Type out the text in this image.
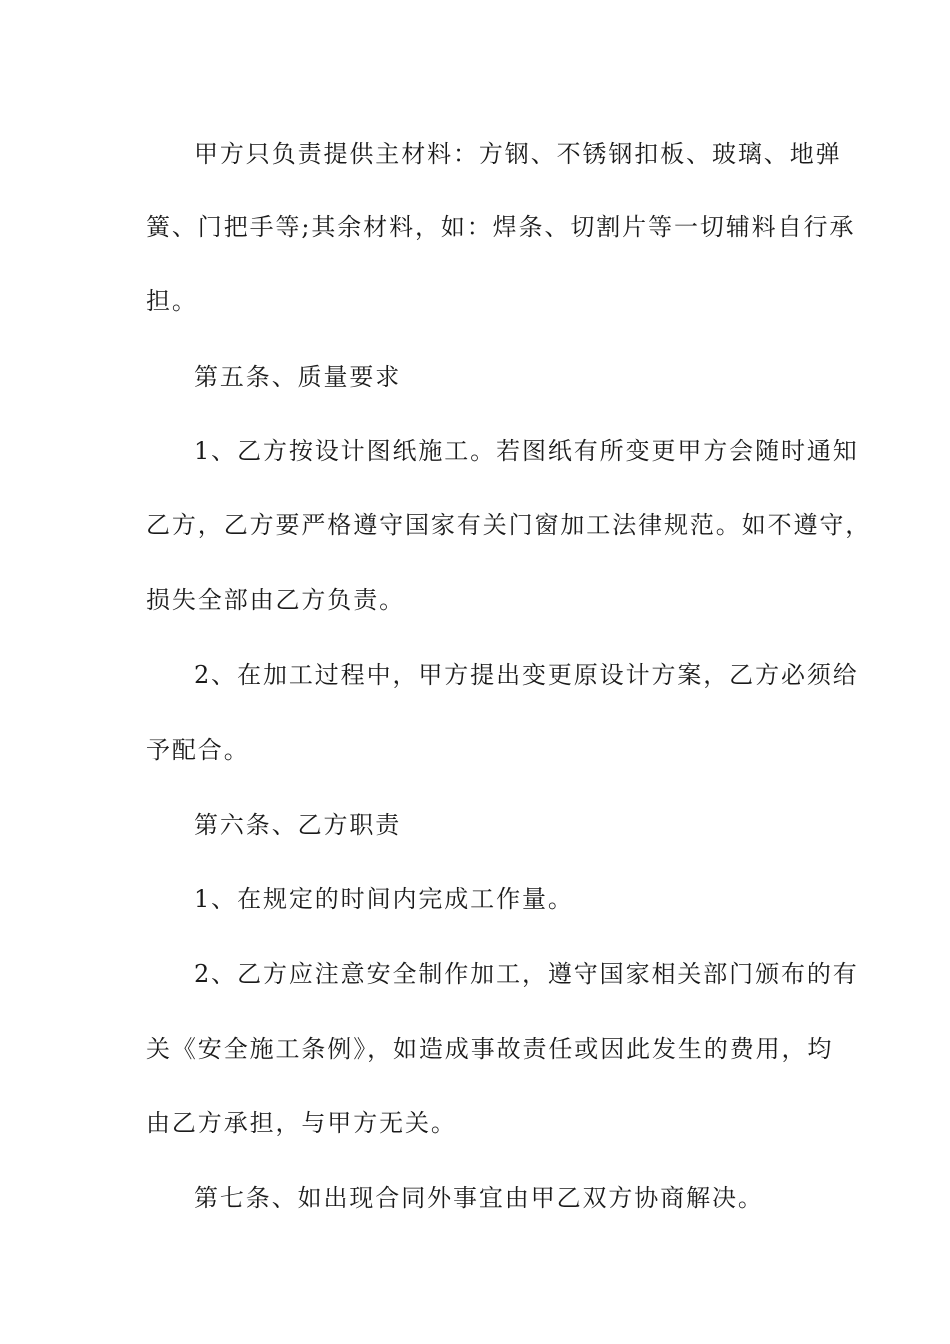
甲方只负责提供主材料：方钢、不锈钢扣板、玻璃、地弹
簧、门把手等;其余材料，如：焊条、切割片等一切辅料自行承
担。
第五条、质量要求
1、乙方按设计图纸施工。若图纸有所变更甲方会随时通知
乙方，乙方要严格遵守国家有关门窗加工法律规范。如不遵守，
损失全部由乙方负责。
2、在加工过程中，甲方提出变更原设计方案，乙方必须给
予配合。
第六条、乙方职责
1、在规定的时间内完成工作量。
2、乙方应注意安全制作加工，遵守国家相关部门颁布的有
关《安全施工条例》，如造成事故责任或因此发生的费用，均
由乙方承担，与甲方无关。
第七条、如出现合同外事宜由甲乙双方协商解决。
